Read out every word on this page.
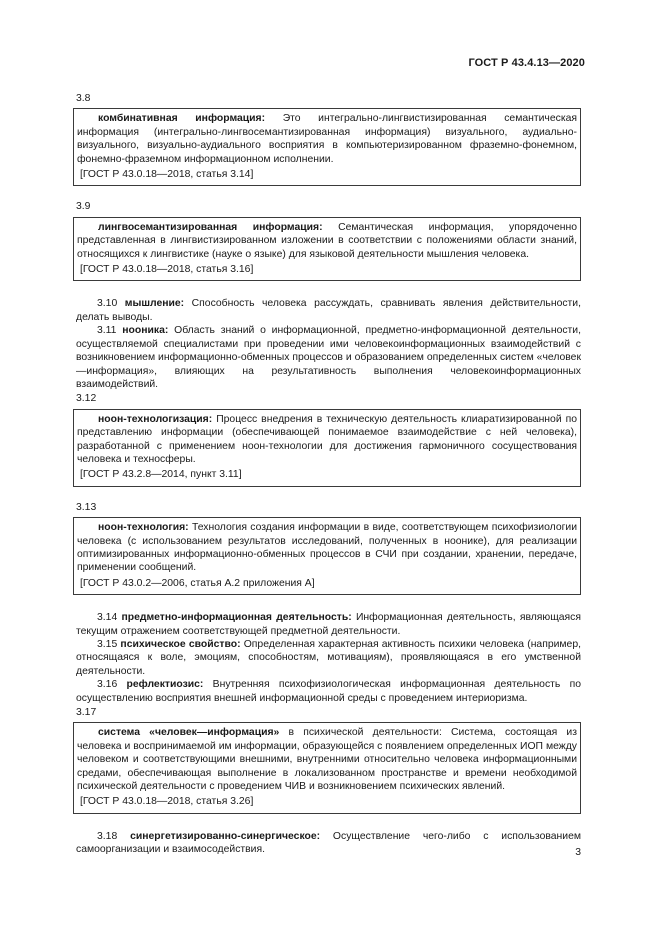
ГОСТ Р 43.4.13—2020
3.8

комбинативная информация: Это интегрально-лингвистизированная семантическая информация (интегрально-лингвосемантизированная информация) визуального, аудиально-визуального, визуально-аудиального восприятия в компьютеризированном фраземно-фонемном, фонемно-фраземном информационном исполнении.

[ГОСТ Р 43.0.18—2018, статья 3.14]

3.9

лингвосемантизированная информация: Семантическая информация, упорядоченно представленная в лингвистизированном изложении в соответствии с положениями области знаний, относящихся к лингвистике (науке о языке) для языковой деятельности мышления человека.

[ГОСТ Р 43.0.18—2018, статья 3.16]

3.10 мышление: Способность человека рассуждать, сравнивать явления действительности, делать выводы.

3.11 нооника: Область знаний о информационной, предметно-информационной деятельности, осуществляемой специалистами при проведении ими человекоинформационных взаимодействий с возникновением информационно-обменных процессов и образованием определенных систем «человек—информация», влияющих на результативность выполнения человекоинформационных взаимодействий.

3.12

ноон-технологизация: Процесс внедрения в техническую деятельность клиаратизированной по представлению информации (обеспечивающей понимаемое взаимодействие с ней человека), разработанной с применением ноон-технологии для достижения гармоничного сосуществования человека и техносферы.

[ГОСТ Р 43.2.8—2014, пункт 3.11]

3.13

ноон-технология: Технология создания информации в виде, соответствующем психофизиологии человека (с использованием результатов исследований, полученных в ноонике), для реализации оптимизированных информационно-обменных процессов в СЧИ при создании, хранении, передаче, применении сообщений.

[ГОСТ Р 43.0.2—2006, статья А.2 приложения А]

3.14 предметно-информационная деятельность: Информационная деятельность, являющаяся текущим отражением соответствующей предметной деятельности.

3.15 психическое свойство: Определенная характерная активность психики человека (например, относящаяся к воле, эмоциям, способностям, мотивациям), проявляющаяся в его умственной деятельности.

3.16 рефлектиозис: Внутренняя психофизиологическая информационная деятельность по осуществлению восприятия внешней информационной среды с проведением интериоризма.

3.17

система «человек—информация» в психической деятельности: Система, состоящая из человека и воспринимаемой им информации, образующейся с появлением определенных ИОП между человеком и соответствующими внешними, внутренними относительно человека информационными средами, обеспечивающая выполнение в локализованном пространстве и времени необходимой психической деятельности с проведением ЧИВ и возникновением психических явлений.

[ГОСТ Р 43.0.18—2018, статья 3.26]

3.18 синергетизированно-синергическое: Осуществление чего-либо с использованием самоорганизации и взаимосодействия.	3
